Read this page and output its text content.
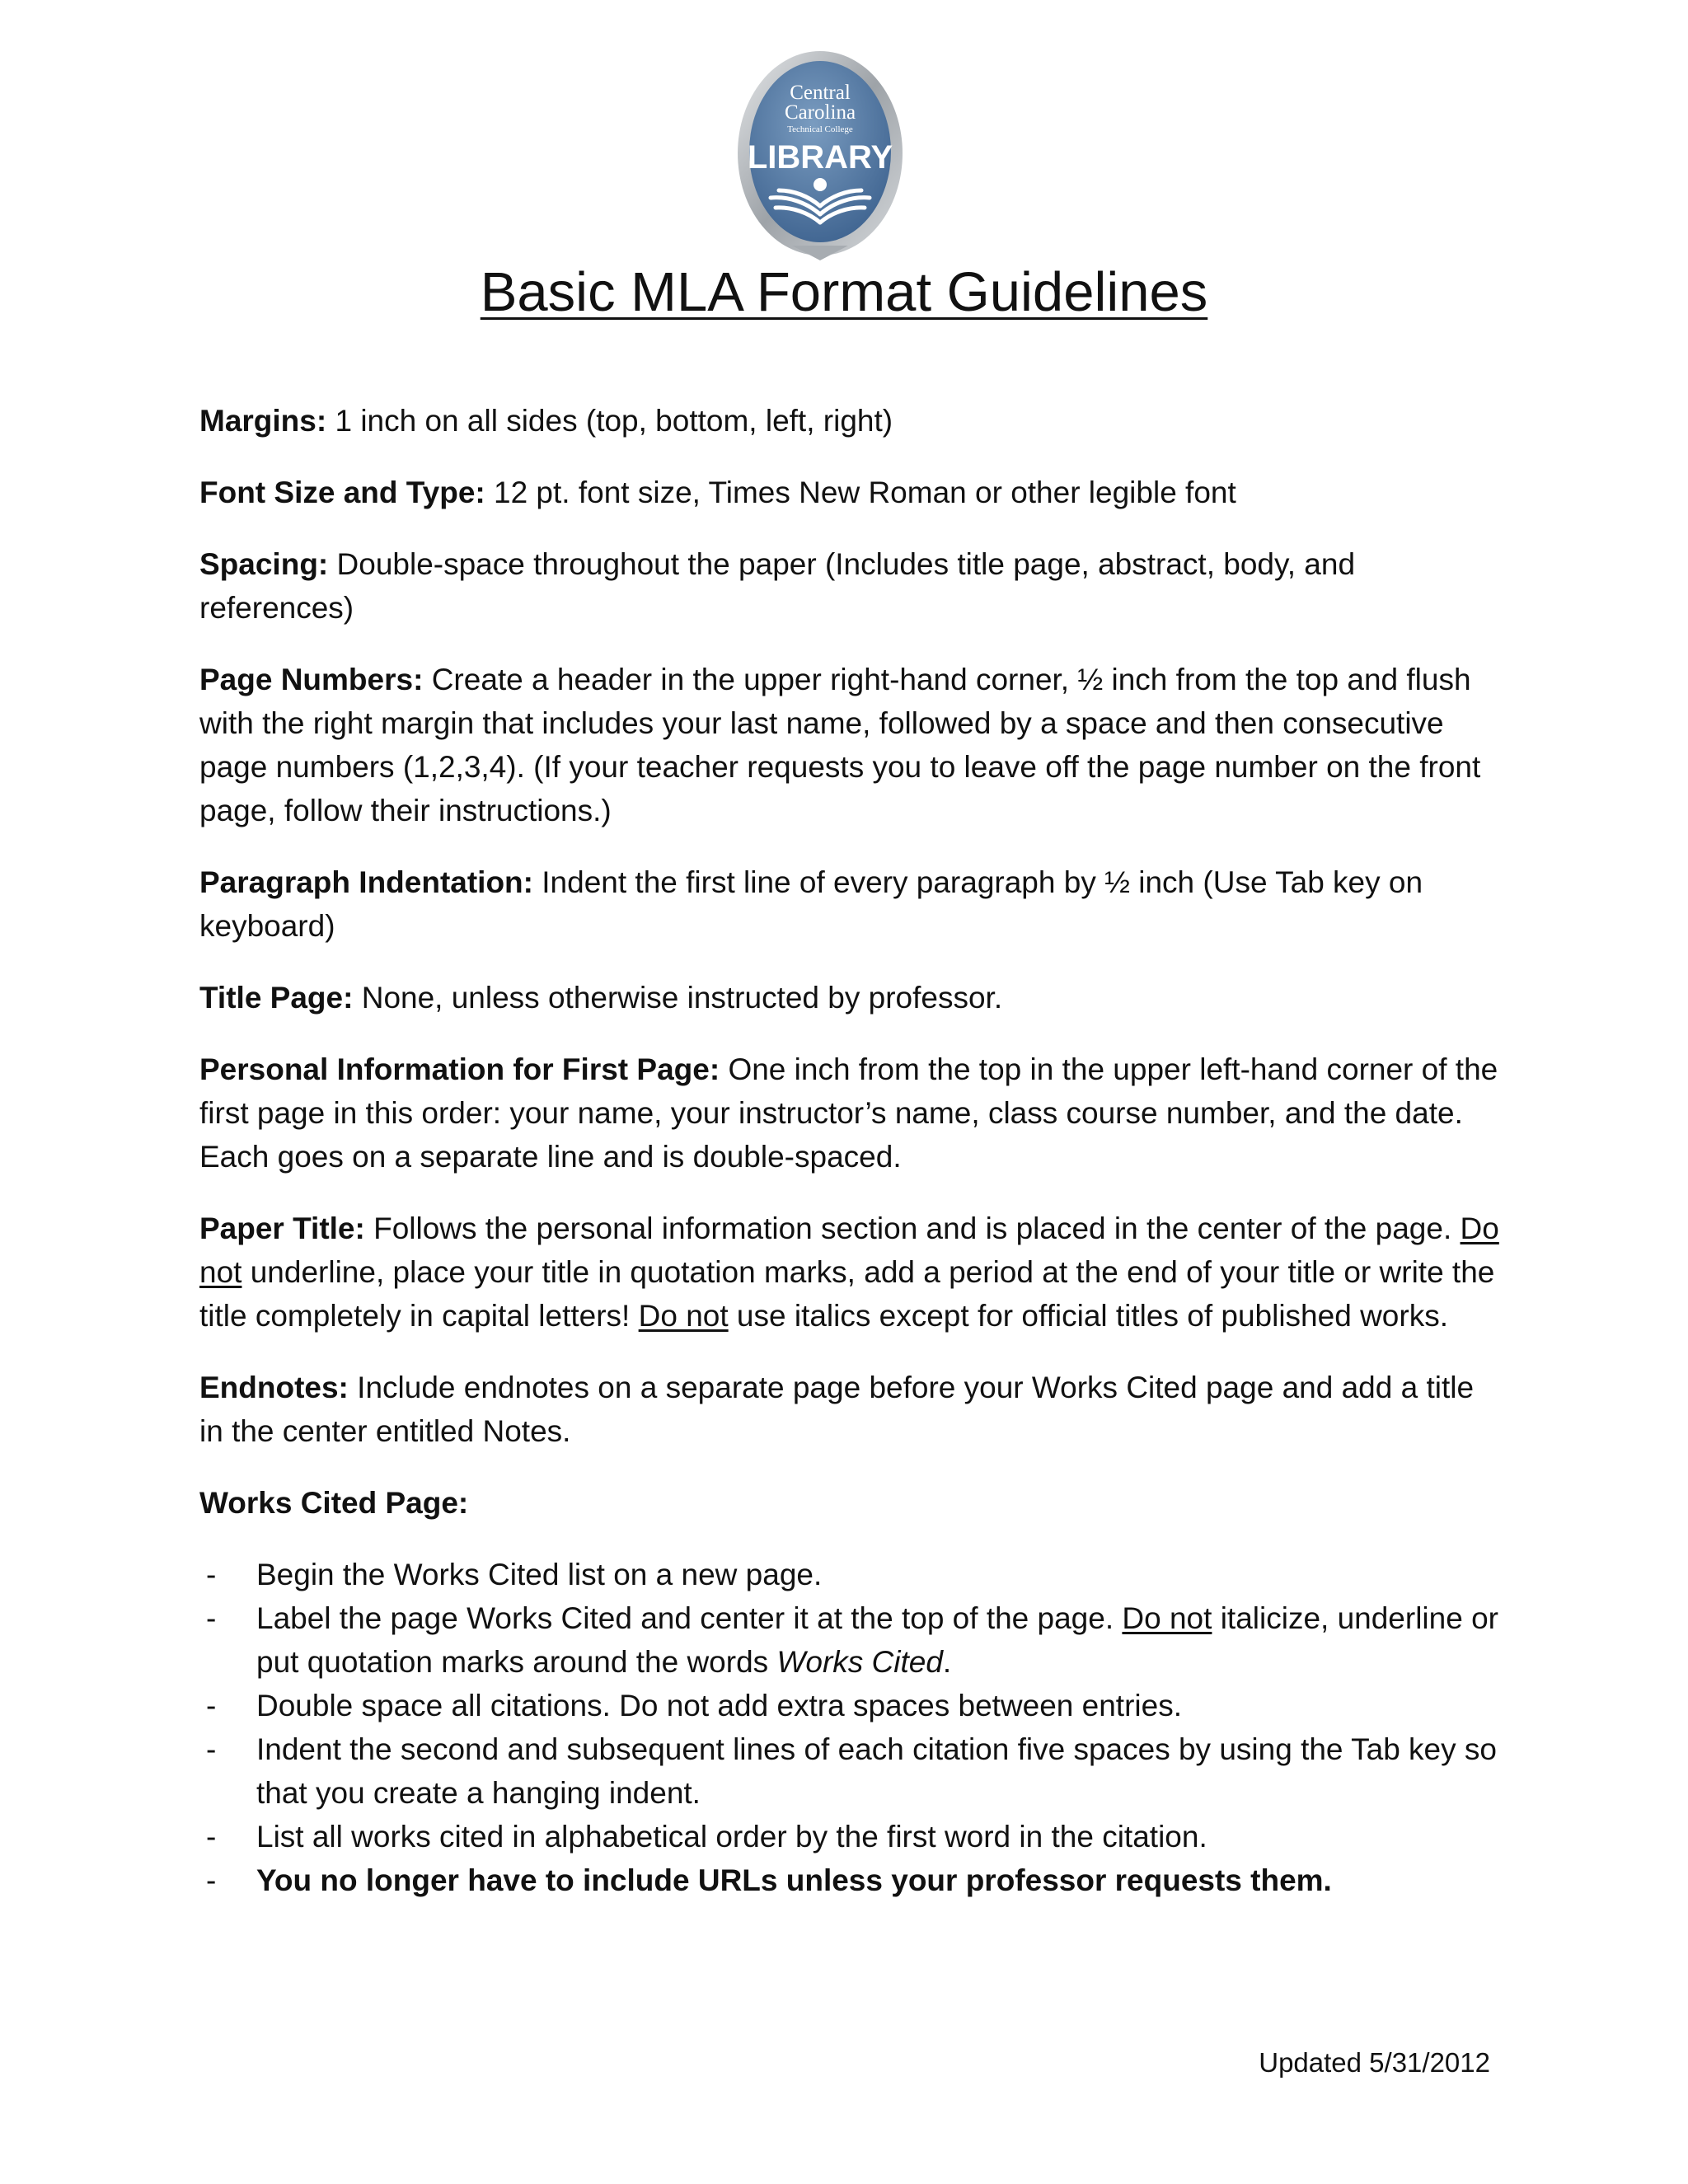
Central
Carolina
Technical College
LIBRARY
Basic MLA Format Guidelines

Margins: 1 inch on all sides (top, bottom, left, right)

Font Size and Type: 12 pt. font size, Times New Roman or other legible font

Spacing: Double-space throughout the paper (Includes title page, abstract, body, and references)

Page Numbers: Create a header in the upper right-hand corner, ½ inch from the top and flush with the right margin that includes your last name, followed by a space and then consecutive page numbers (1,2,3,4). (If your teacher requests you to leave off the page number on the front page, follow their instructions.)

Paragraph Indentation: Indent the first line of every paragraph by ½ inch (Use Tab key on keyboard)

Title Page: None, unless otherwise instructed by professor.

Personal Information for First Page: One inch from the top in the upper left-hand corner of the first page in this order: your name, your instructor’s name, class course number, and the date. Each goes on a separate line and is double-spaced.

Paper Title: Follows the personal information section and is placed in the center of the page. Do not underline, place your title in quotation marks, add a period at the end of your title or write the title completely in capital letters! Do not use italics except for official titles of published works.

Endnotes: Include endnotes on a separate page before your Works Cited page and add a title in the center entitled Notes.

Works Cited Page:

- Begin the Works Cited list on a new page.
- Label the page Works Cited and center it at the top of the page. Do not italicize, underline or put quotation marks around the words Works Cited.
- Double space all citations. Do not add extra spaces between entries.
- Indent the second and subsequent lines of each citation five spaces by using the Tab key so that you create a hanging indent.
- List all works cited in alphabetical order by the first word in the citation.
- You no longer have to include URLs unless your professor requests them.
Updated 5/31/2012
